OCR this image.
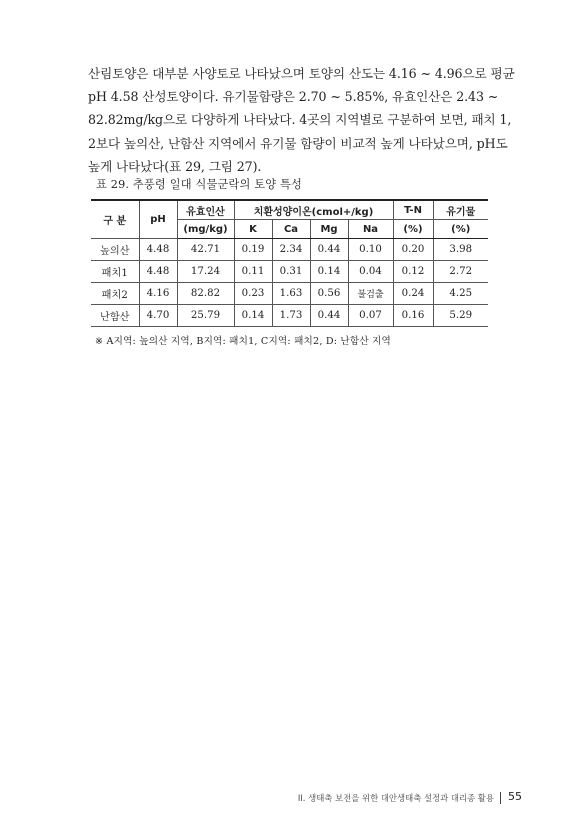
산림토양은 대부분 사양토로 나타났으며 토양의 산도는 4.16 ~ 4.96으로 평균
pH 4.58 산성토양이다. 유기물함량은 2.70 ~ 5.85%, 유효인산은 2.43 ~
82.82mg/kg으로 다양하게 나타났다. 4곳의 지역별로 구분하여 보면, 패치 1,
2보다 높의산, 난함산 지역에서 유기물 함량이 비교적 높게 나타났으며, pH도
높게 나타났다(표 29, 그림 27).
표 29. 추풍령 일대 식물군락의 토양 특성
구 분	pH	유효인산	치환성양이온(cmol+/kg)				T-N	유기물
		(mg/kg)	K	Ca	Mg	Na	(%)	(%)
높의산	4.48	42.71	0.19	2.34	0.44	0.10	0.20	3.98
패치1	4.48	17.24	0.11	0.31	0.14	0.04	0.12	2.72
패치2	4.16	82.82	0.23	1.63	0.56	불검출	0.24	4.25
난함산	4.70	25.79	0.14	1.73	0.44	0.07	0.16	5.29
※ A지역: 높의산 지역, B지역: 패치1, C지역: 패치2, D: 난함산 지역
II. 생태축 보전을 위한 대안생태축 설정과 대리종 활용 55
